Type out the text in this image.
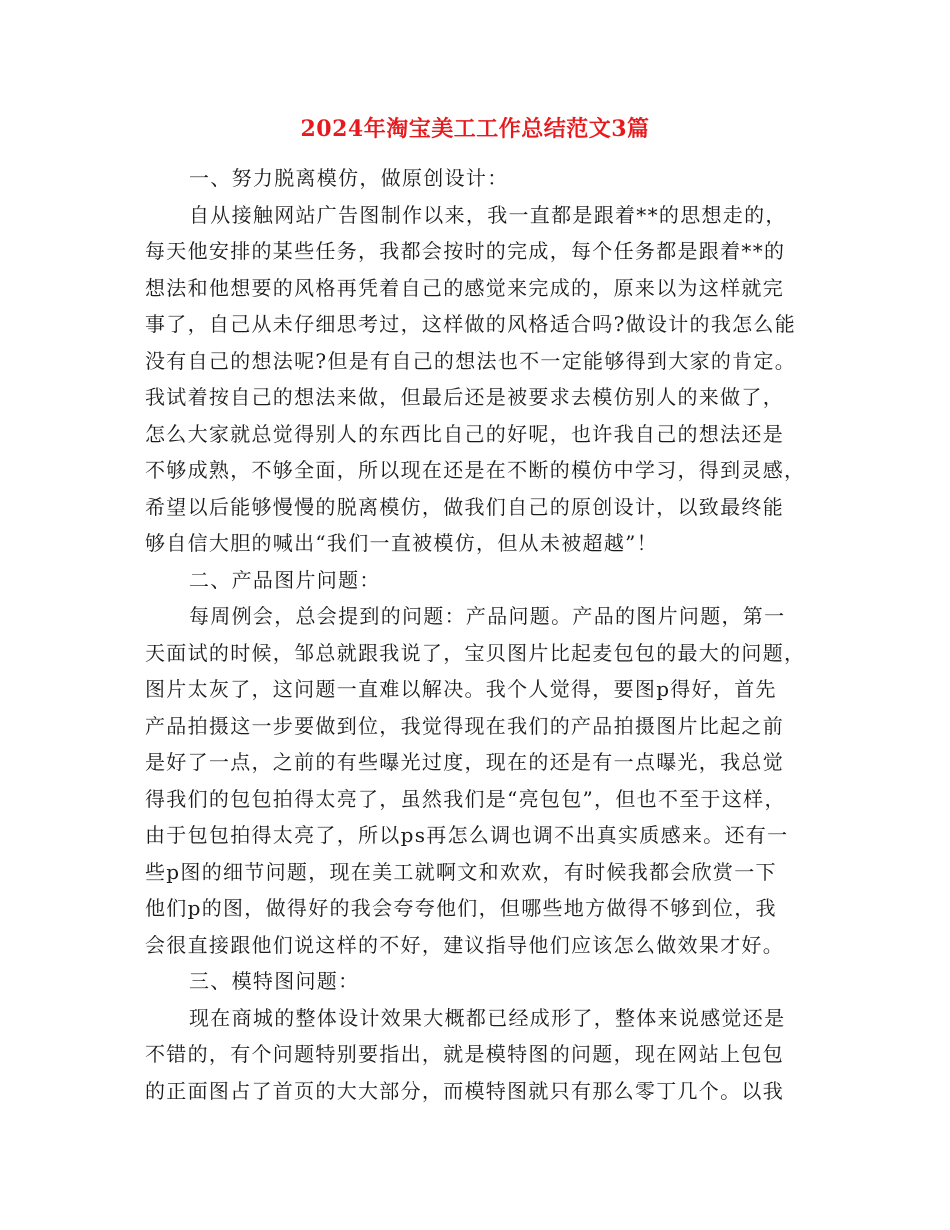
2024年淘宝美工工作总结范文3篇
一、努力脱离模仿，做原创设计：
自从接触网站广告图制作以来，我一直都是跟着**的思想走的，
每天他安排的某些任务，我都会按时的完成，每个任务都是跟着**的
想法和他想要的风格再凭着自己的感觉来完成的，原来以为这样就完
事了，自己从未仔细思考过，这样做的风格适合吗?做设计的我怎么能
没有自己的想法呢?但是有自己的想法也不一定能够得到大家的肯定。
我试着按自己的想法来做，但最后还是被要求去模仿别人的来做了，
怎么大家就总觉得别人的东西比自己的好呢，也许我自己的想法还是
不够成熟，不够全面，所以现在还是在不断的模仿中学习，得到灵感，
希望以后能够慢慢的脱离模仿，做我们自己的原创设计，以致最终能
够自信大胆的喊出“我们一直被模仿，但从未被超越”！
二、产品图片问题：
每周例会，总会提到的问题：产品问题。产品的图片问题，第一
天面试的时候，邹总就跟我说了，宝贝图片比起麦包包的最大的问题，
图片太灰了，这问题一直难以解决。我个人觉得，要图p得好，首先
产品拍摄这一步要做到位，我觉得现在我们的产品拍摄图片比起之前
是好了一点，之前的有些曝光过度，现在的还是有一点曝光，我总觉
得我们的包包拍得太亮了，虽然我们是“亮包包”，但也不至于这样，
由于包包拍得太亮了，所以ps再怎么调也调不出真实质感来。还有一
些p图的细节问题，现在美工就啊文和欢欢，有时候我都会欣赏一下
他们p的图，做得好的我会夸夸他们，但哪些地方做得不够到位，我
会很直接跟他们说这样的不好，建议指导他们应该怎么做效果才好。
三、模特图问题：
现在商城的整体设计效果大概都已经成形了，整体来说感觉还是
不错的，有个问题特别要指出，就是模特图的问题，现在网站上包包
的正面图占了首页的大大部分，而模特图就只有那么零丁几个。以我
